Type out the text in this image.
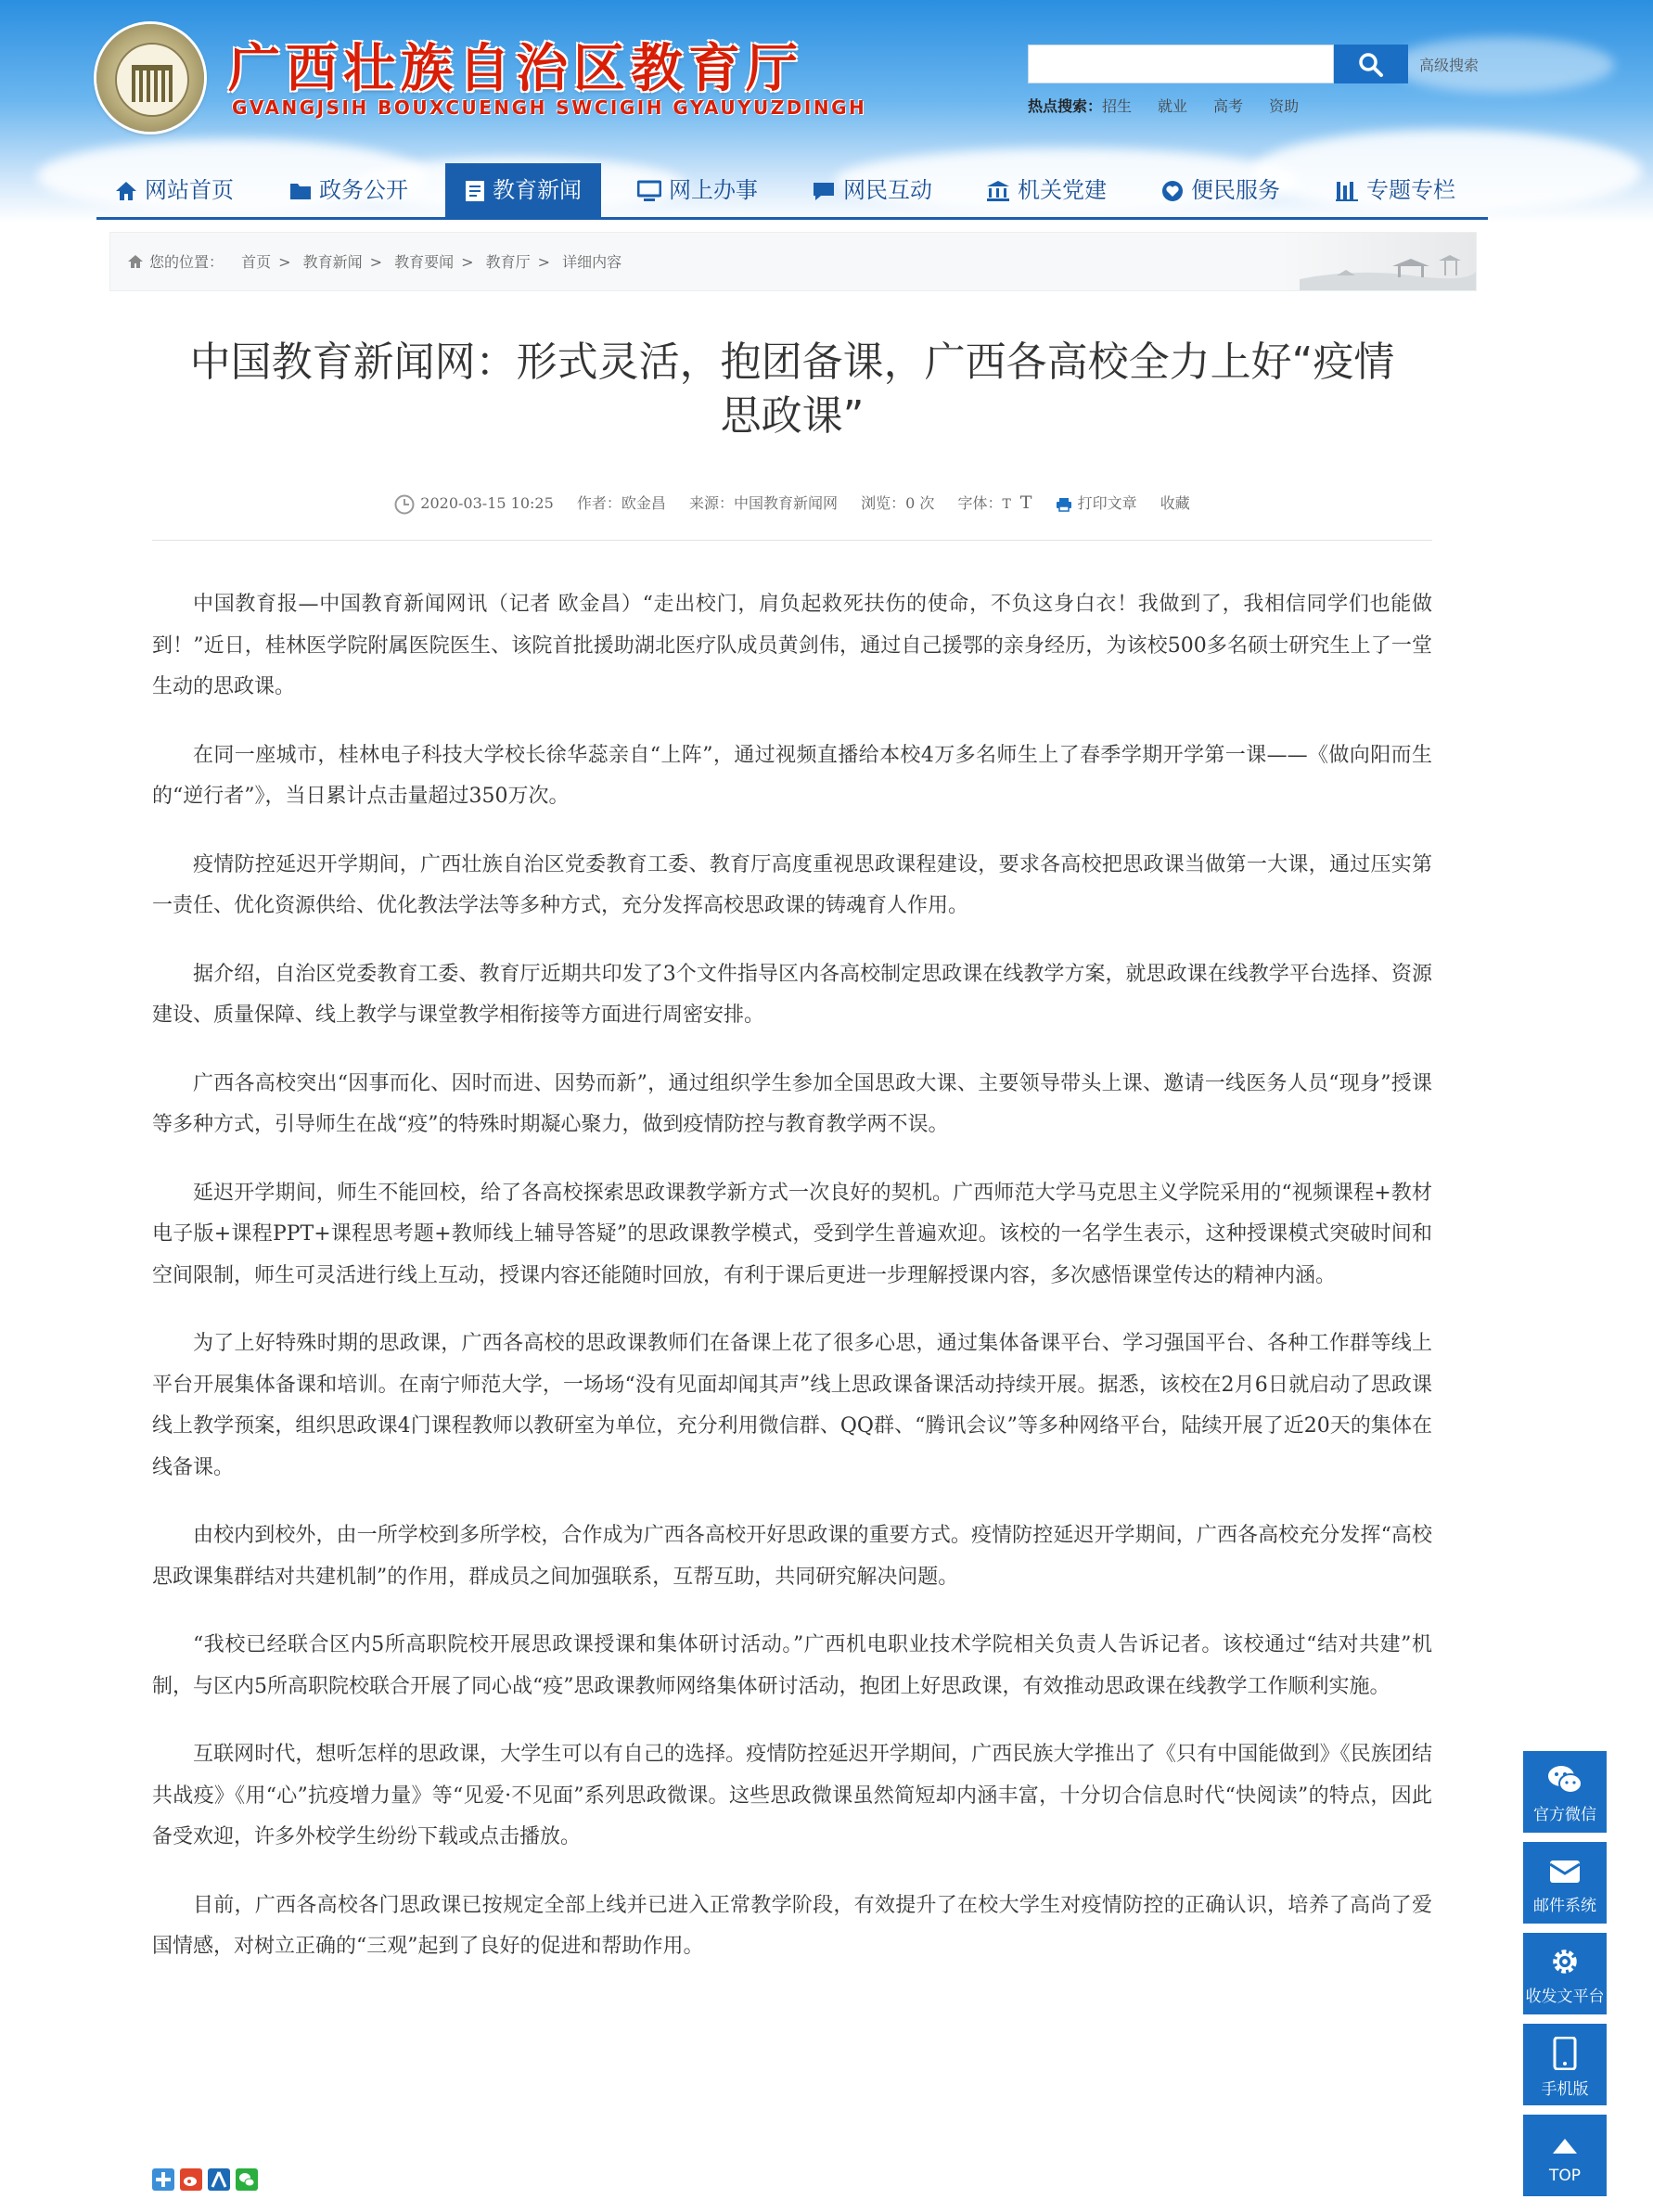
广西壮族自治区教育厅
GVANGJSIH BOUXCUENGH SWCIGIH GYAUYUZDINGH
高级搜索
热点搜索：招生 就业 高考 资助
网站首页	政务公开	教育新闻	网上办事	网民互动	机关党建	便民服务	专题专栏
您的位置： 首页 > 教育新闻 > 教育要闻 > 教育厅 > 详细内容
中国教育新闻网：形式灵活，抱团备课，广西各高校全力上好“疫情
思政课”
2020-03-15 10:25 作者：欧金昌 来源：中国教育新闻网 浏览：0 次 字体：T T	打印文章 收藏

中国教育报—中国教育新闻网讯（记者 欧金昌）“走出校门，肩负起救死扶伤的使命，不负这身白衣！我做到了，我相信同学们也能做到！”近日，桂林医学院附属医院医生、该院首批援助湖北医疗队成员黄剑伟，通过自己援鄂的亲身经历，为该校500多名硕士研究生上了一堂生动的思政课。

在同一座城市，桂林电子科技大学校长徐华蕊亲自“上阵”，通过视频直播给本校4万多名师生上了春季学期开学第一课——《做向阳而生的“逆行者”》，当日累计点击量超过350万次。

疫情防控延迟开学期间，广西壮族自治区党委教育工委、教育厅高度重视思政课程建设，要求各高校把思政课当做第一大课，通过压实第一责任、优化资源供给、优化教法学法等多种方式，充分发挥高校思政课的铸魂育人作用。

据介绍，自治区党委教育工委、教育厅近期共印发了3个文件指导区内各高校制定思政课在线教学方案，就思政课在线教学平台选择、资源建设、质量保障、线上教学与课堂教学相衔接等方面进行周密安排。

广西各高校突出“因事而化、因时而进、因势而新”，通过组织学生参加全国思政大课、主要领导带头上课、邀请一线医务人员“现身”授课等多种方式，引导师生在战“疫”的特殊时期凝心聚力，做到疫情防控与教育教学两不误。

延迟开学期间，师生不能回校，给了各高校探索思政课教学新方式一次良好的契机。广西师范大学马克思主义学院采用的“视频课程+教材电子版+课程PPT+课程思考题+教师线上辅导答疑”的思政课教学模式，受到学生普遍欢迎。该校的一名学生表示，这种授课模式突破时间和空间限制，师生可灵活进行线上互动，授课内容还能随时回放，有利于课后更进一步理解授课内容，多次感悟课堂传达的精神内涵。

为了上好特殊时期的思政课，广西各高校的思政课教师们在备课上花了很多心思，通过集体备课平台、学习强国平台、各种工作群等线上平台开展集体备课和培训。在南宁师范大学，一场场“没有见面却闻其声”线上思政课备课活动持续开展。据悉，该校在2月6日就启动了思政课线上教学预案，组织思政课4门课程教师以教研室为单位，充分利用微信群、QQ群、“腾讯会议”等多种网络平台，陆续开展了近20天的集体在线备课。

由校内到校外，由一所学校到多所学校，合作成为广西各高校开好思政课的重要方式。疫情防控延迟开学期间，广西各高校充分发挥“高校思政课集群结对共建机制”的作用，群成员之间加强联系，互帮互助，共同研究解决问题。

“我校已经联合区内5所高职院校开展思政课授课和集体研讨活动。”广西机电职业技术学院相关负责人告诉记者。该校通过“结对共建”机制，与区内5所高职院校联合开展了同心战“疫”思政课教师网络集体研讨活动，抱团上好思政课，有效推动思政课在线教学工作顺利实施。

互联网时代，想听怎样的思政课，大学生可以有自己的选择。疫情防控延迟开学期间，广西民族大学推出了《只有中国能做到》《民族团结共战疫》《用“心”抗疫增力量》等“见爱·不见面”系列思政微课。这些思政微课虽然简短却内涵丰富，十分切合信息时代“快阅读”的特点，因此备受欢迎，许多外校学生纷纷下载或点击播放。

目前，广西各高校各门思政课已按规定全部上线并已进入正常教学阶段，有效提升了在校大学生对疫情防控的正确认识，培养了高尚了爱国情感，对树立正确的“三观”起到了良好的促进和帮助作用。

官方微信
邮件系统
收发文平台
手机版
TOP
